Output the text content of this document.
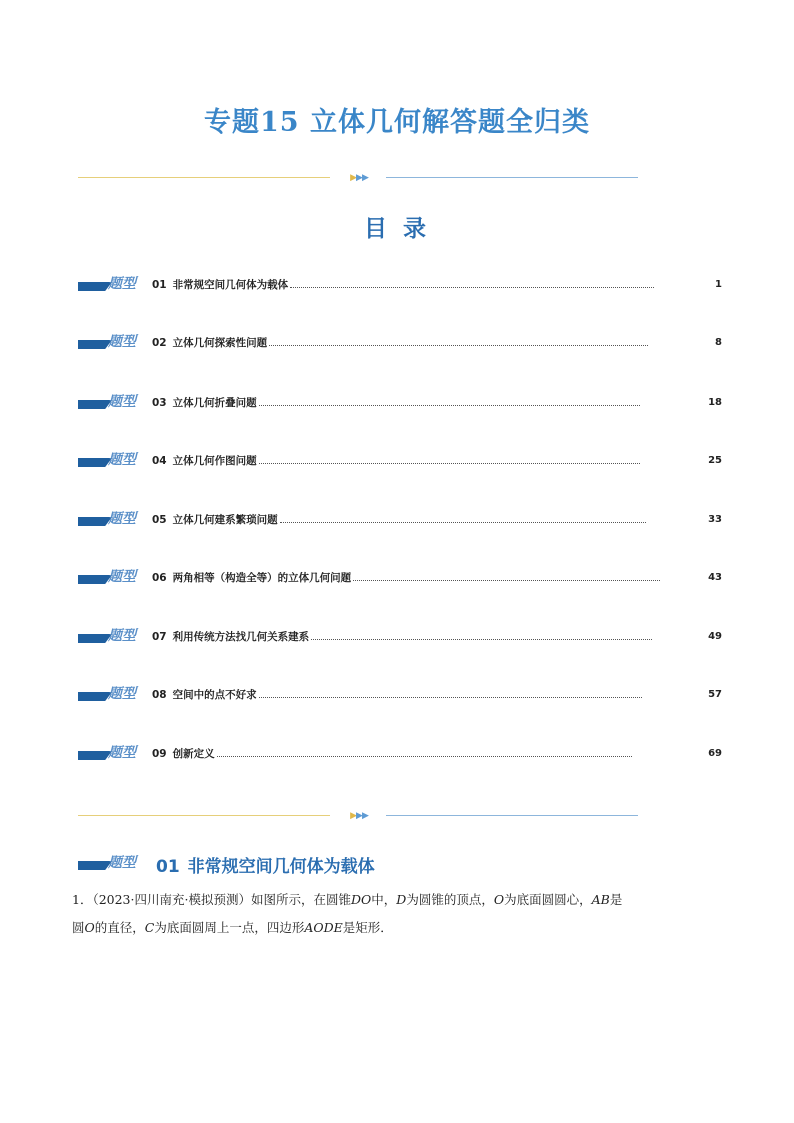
专题15 立体几何解答题全归类
▶▶▶
目 录
题型 01 非常规空间几何体为载体	1
题型 02 立体几何探索性问题	8
题型 03 立体几何折叠问题	18
题型 04 立体几何作图问题	25
题型 05 立体几何建系繁琐问题	33
题型 06 两角相等（构造全等）的立体几何问题	43
题型 07 利用传统方法找几何关系建系	49
题型 08 空间中的点不好求	57
题型 09 创新定义	69
▶▶▶
题型 01 非常规空间几何体为载体
1．（2023·四川南充·模拟预测）如图所示，在圆锥DO中，D为圆锥的顶点，O为底面圆圆心，AB是
圆O的直径，C为底面圆周上一点，四边形AODE是矩形．
